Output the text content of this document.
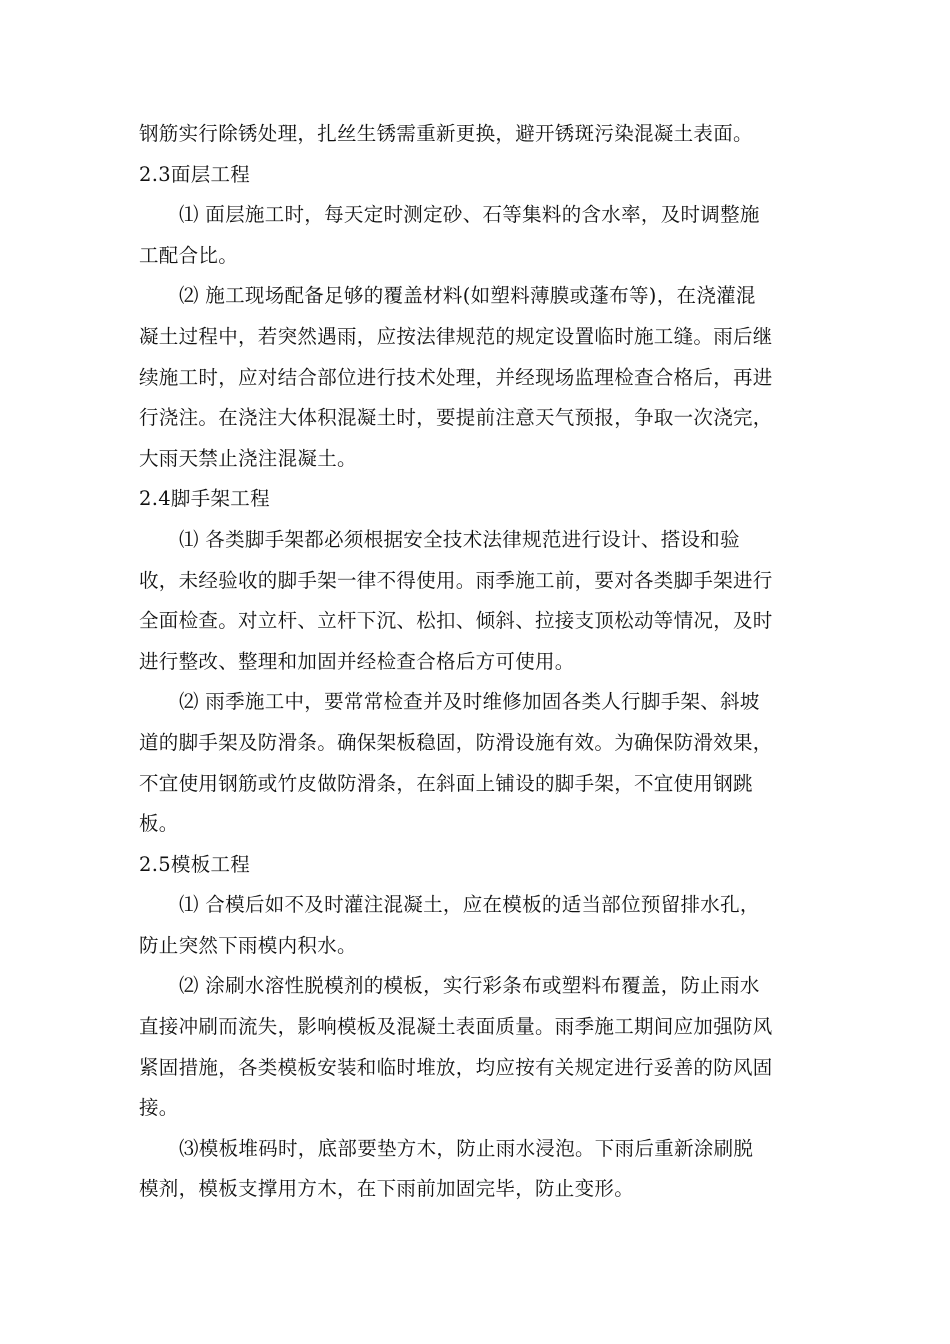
钢筋实行除锈处理，扎丝生锈需重新更换，避开锈斑污染混凝土表面。
2.3面层工程
⑴ 面层施工时，每天定时测定砂、石等集料的含水率，及时调整施
工配合比。
⑵ 施工现场配备足够的覆盖材料(如塑料薄膜或蓬布等)，在浇灌混
凝土过程中，若突然遇雨，应按法律规范的规定设置临时施工缝。雨后继
续施工时，应对结合部位进行技术处理，并经现场监理检查合格后，再进
行浇注。在浇注大体积混凝土时，要提前注意天气预报，争取一次浇完，
大雨天禁止浇注混凝土。
2.4脚手架工程
⑴ 各类脚手架都必须根据安全技术法律规范进行设计、搭设和验
收，未经验收的脚手架一律不得使用。雨季施工前，要对各类脚手架进行
全面检查。对立杆、立杆下沉、松扣、倾斜、拉接支顶松动等情况，及时
进行整改、整理和加固并经检查合格后方可使用。
⑵ 雨季施工中，要常常检查并及时维修加固各类人行脚手架、斜坡
道的脚手架及防滑条。确保架板稳固，防滑设施有效。为确保防滑效果，
不宜使用钢筋或竹皮做防滑条，在斜面上铺设的脚手架，不宜使用钢跳
板。
2.5模板工程
⑴ 合模后如不及时灌注混凝土，应在模板的适当部位预留排水孔，
防止突然下雨模内积水。
⑵ 涂刷水溶性脱模剂的模板，实行彩条布或塑料布覆盖，防止雨水
直接冲刷而流失，影响模板及混凝土表面质量。雨季施工期间应加强防风
紧固措施，各类模板安装和临时堆放，均应按有关规定进行妥善的防风固
接。
⑶模板堆码时，底部要垫方木，防止雨水浸泡。下雨后重新涂刷脱
模剂，模板支撑用方木，在下雨前加固完毕，防止变形。
